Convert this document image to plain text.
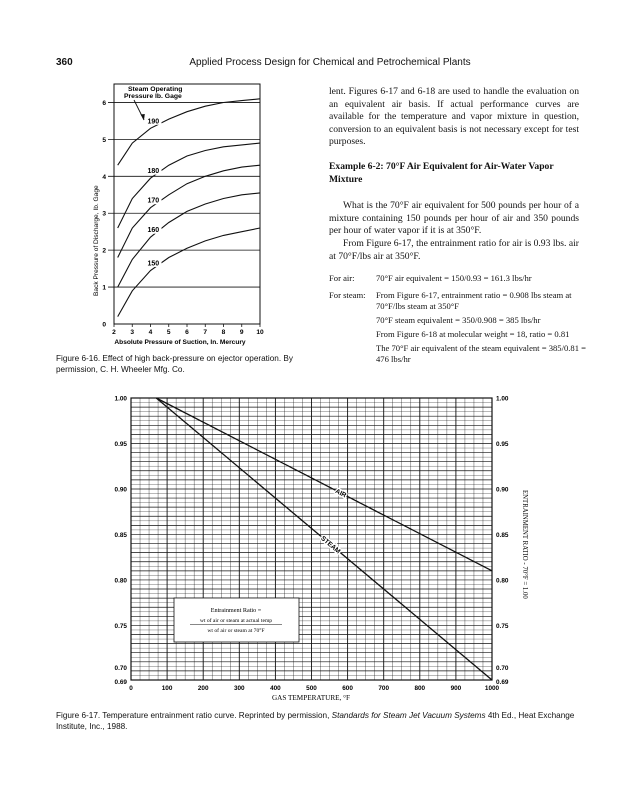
360	Applied Process Design for Chemical and Petrochemical Plants
2 3 4 5 6 7 8 9 10
0
1
2
3
4
5
6
150
160
170
180
190
Steam Operating
Pressure lb. Gage
Back Pressure of Discharge, Ib. Gage
Absolute Pressure of Suction, In. Mercury

lent. Figures 6-17 and 6-18 are used to handle the evaluation on an equivalent air basis. If actual performance curves are available for the temperature and vapor mixture in question, conversion to an equivalent basis is not necessary except for test purposes.

Example 6-2: 70°F Air Equivalent for Air-Water Vapor Mixture

What is the 70°F air equivalent for 500 pounds per hour of a mixture containing 150 pounds per hour of air and 350 pounds per hour of water vapor if it is at 350°F.

From Figure 6-17, the entrainment ratio for air is 0.93 lbs. air at 70°F/lbs air at 350°F.

For air:	70°F air equivalent = 150/0.93 = 161.3 lbs/hr
For steam:	From Figure 6-17, entrainment ratio = 0.908 lbs steam at 70°F/lbs steam at 350°F
70°F steam equivalent = 350/0.908 = 385 lbs/hr
From Figure 6-18 at molecular weight = 18, ratio = 0.81
The 70°F air equivalent of the steam equivalent = 385/0.81 = 476 lbs/hr
Figure 6-16. Effect of high back-pressure on ejector operation. By permission, C. H. Wheeler Mfg. Co.
0	100	200	300	400	500	600	700	800	900	1000
1.00
0.95
0.90
0.85
0.80
0.75
0.70
0.69
1.00
0.95
0.90
0.85
0.80
0.75
0.70
0.69
AIR
STEAM
Entrainment Ratio =
wt of air or steam at actual temp
wt of air or steam at 70°F
GAS TEMPERATURE, °F
ENTRAINMENT RATIO - 70°F = 1.00
Figure 6-17. Temperature entrainment ratio curve. Reprinted by permission, Standards for Steam Jet Vacuum Systems 4th Ed., Heat Exchange Institute, Inc., 1988.
